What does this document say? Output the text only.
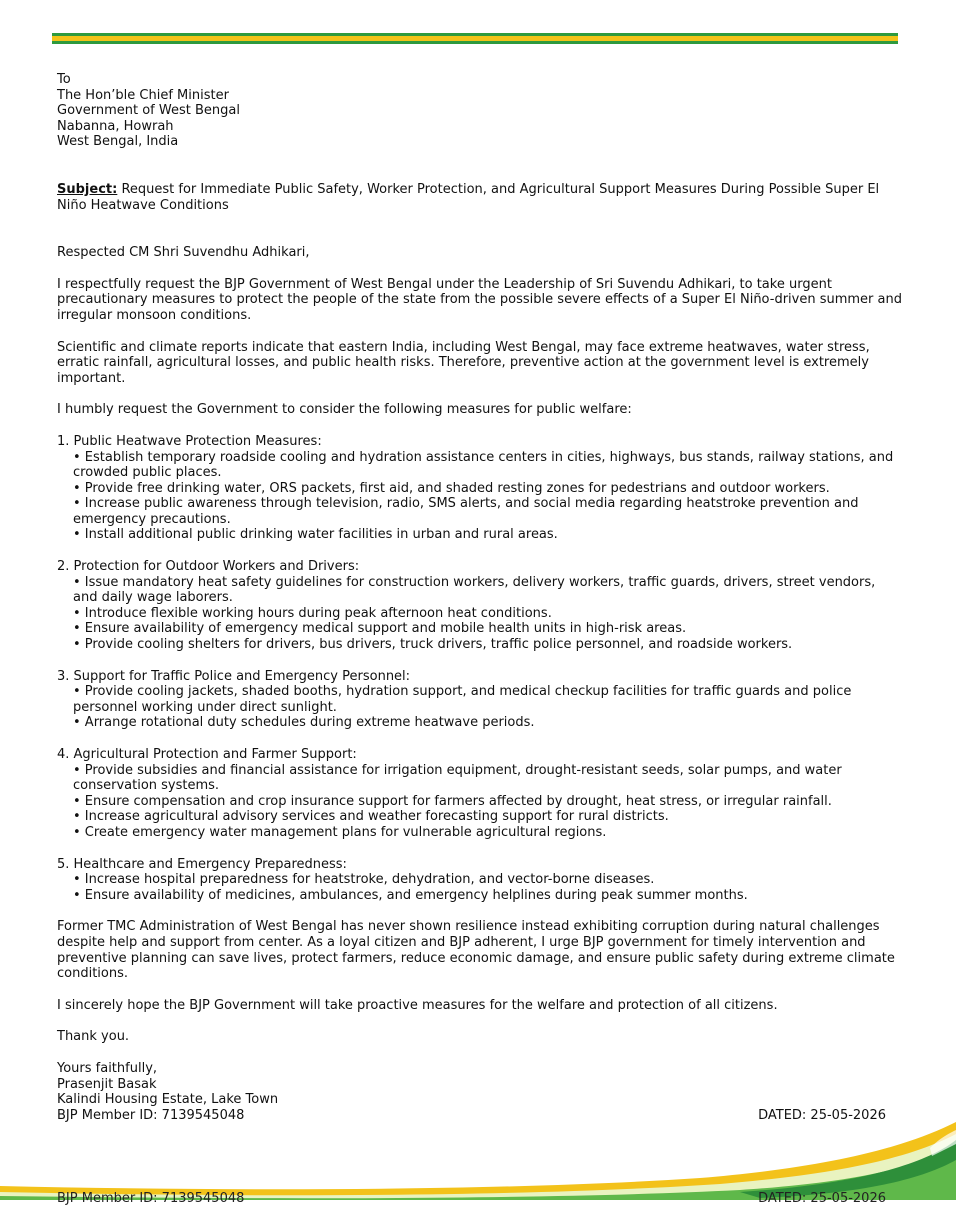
To
The Hon’ble Chief Minister
Government of West Bengal
Nabanna, Howrah
West Bengal, India

Subject: Request for Immediate Public Safety, Worker Protection, and Agricultural Support Measures During Possible Super El Niño Heatwave Conditions

Respected CM Shri Suvendhu Adhikari,

I respectfully request the BJP Government of West Bengal under the Leadership of Sri Suvendu Adhikari, to take urgent precautionary measures to protect the people of the state from the possible severe effects of a Super El Niño-driven summer and irregular monsoon conditions.

Scientific and climate reports indicate that eastern India, including West Bengal, may face extreme heatwaves, water stress, erratic rainfall, agricultural losses, and public health risks. Therefore, preventive action at the government level is extremely important.

I humbly request the Government to consider the following measures for public welfare:

1. Public Heatwave Protection Measures:
• Establish temporary roadside cooling and hydration assistance centers in cities, highways, bus stands, railway stations, and crowded public places.
• Provide free drinking water, ORS packets, first aid, and shaded resting zones for pedestrians and outdoor workers.
• Increase public awareness through television, radio, SMS alerts, and social media regarding heatstroke prevention and emergency precautions.
• Install additional public drinking water facilities in urban and rural areas.
2. Protection for Outdoor Workers and Drivers:
• Issue mandatory heat safety guidelines for construction workers, delivery workers, traffic guards, drivers, street vendors, and daily wage laborers.
• Introduce flexible working hours during peak afternoon heat conditions.
• Ensure availability of emergency medical support and mobile health units in high-risk areas.
• Provide cooling shelters for drivers, bus drivers, truck drivers, traffic police personnel, and roadside workers.
3. Support for Traffic Police and Emergency Personnel:
• Provide cooling jackets, shaded booths, hydration support, and medical checkup facilities for traffic guards and police personnel working under direct sunlight.
• Arrange rotational duty schedules during extreme heatwave periods.
4. Agricultural Protection and Farmer Support:
• Provide subsidies and financial assistance for irrigation equipment, drought-resistant seeds, solar pumps, and water conservation systems.
• Ensure compensation and crop insurance support for farmers affected by drought, heat stress, or irregular rainfall.
• Increase agricultural advisory services and weather forecasting support for rural districts.
• Create emergency water management plans for vulnerable agricultural regions.
5. Healthcare and Emergency Preparedness:
• Increase hospital preparedness for heatstroke, dehydration, and vector-borne diseases.
• Ensure availability of medicines, ambulances, and emergency helplines during peak summer months.

Former TMC Administration of West Bengal has never shown resilience instead exhibiting corruption during natural challenges despite help and support from center. As a loyal citizen and BJP adherent, I urge BJP government for timely intervention and preventive planning can save lives, protect farmers, reduce economic damage, and ensure public safety during extreme climate conditions.

I sincerely hope the BJP Government will take proactive measures for the welfare and protection of all citizens.

Thank you.

Yours faithfully,
Prasenjit Basak
Kalindi Housing Estate, Lake Town
BJP Member ID: 7139545048	DATED: 25-05-2026
BJP Member ID: 7139545048	DATED: 25-05-2026
